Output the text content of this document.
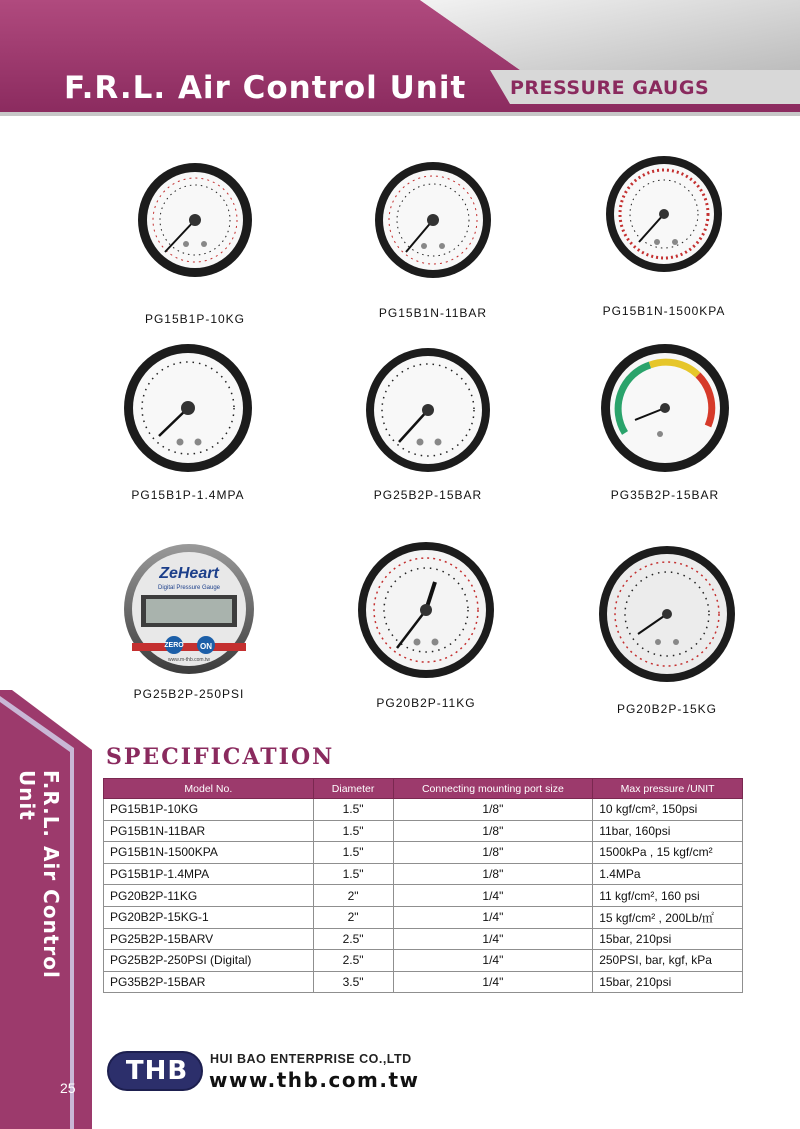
F.R.L. Air Control Unit PRESSURE GAUGS
F.R.L. Air Control Unit
25
PG15B1P-10KG	PG15B1N-11BAR	PG15B1N-1500KPA
PG15B1P-1.4MPA	PG25B2P-15BAR	PG35B2P-15BAR
ZeHeart
Digital Pressure Gauge
ZERO	ON
www.m-thb.com.tw
PG25B2P-250PSI
PG20B2P-11KG	PG20B2P-15KG
SPECIFICATION
Model No.	Diameter	Connecting mounting port size	Max pressure /UNIT
PG15B1P-10KG	1.5"	1/8"	10 kgf/cm², 150psi
PG15B1N-11BAR	1.5"	1/8"	11bar, 160psi
PG15B1N-1500KPA	1.5"	1/8"	1500kPa , 15 kgf/cm²
PG15B1P-1.4MPA	1.5"	1/8"	1.4MPa
PG20B2P-11KG	2"	1/4"	11 kgf/cm², 160 psi
PG20B2P-15KG-1	2"	1/4"	15 kgf/cm² , 200Lb/㎡
PG25B2P-15BARV	2.5"	1/4"	15bar, 210psi
PG25B2P-250PSI (Digital)	2.5"	1/4"	250PSI, bar, kgf, kPa
PG35B2P-15BAR	3.5"	1/4"	15bar, 210psi
THB	HUI BAO ENTERPRISE CO.,LTD
www.thb.com.tw
